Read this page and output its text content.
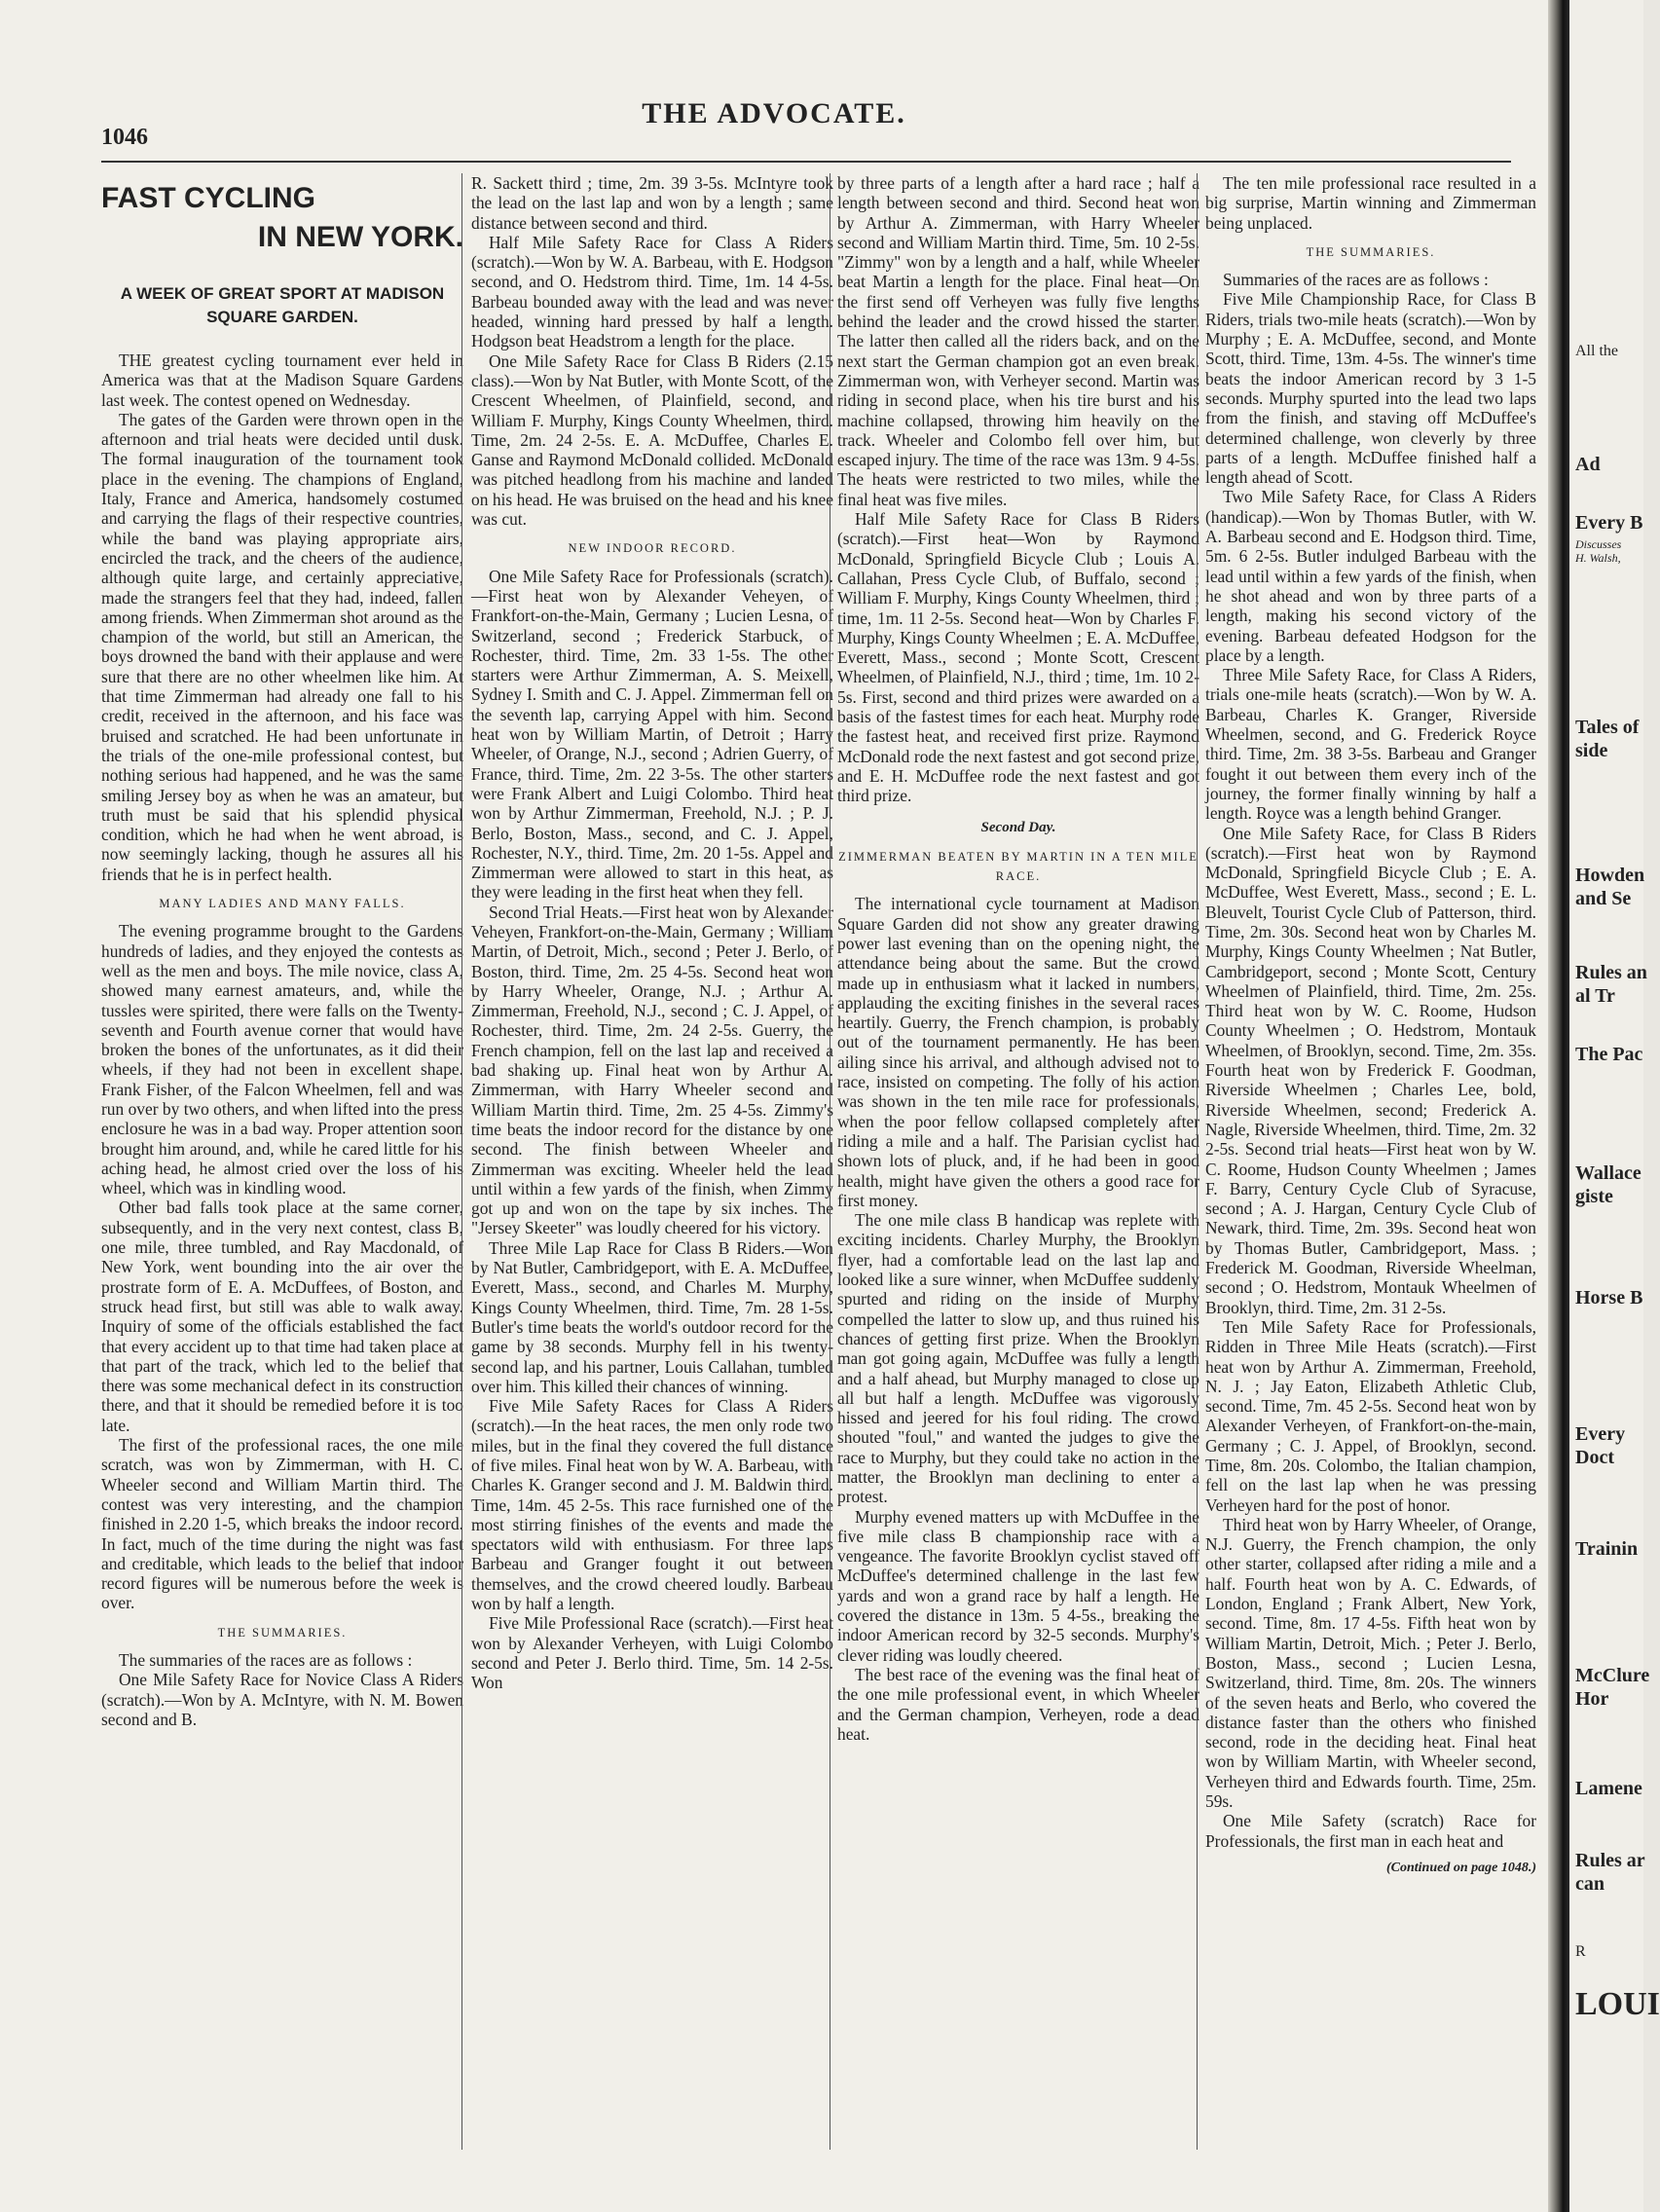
THE ADVOCATE.
1046
FAST CYCLING
IN NEW YORK.
A WEEK OF GREAT SPORT AT MADISON SQUARE GARDEN.

THE greatest cycling tournament ever held in America was that at the Madison Square Gardens last week. The contest opened on Wednesday.

The gates of the Garden were thrown open in the afternoon and trial heats were decided until dusk. The formal inauguration of the tournament took place in the evening. The champions of England, Italy, France and America, handsomely costumed and carrying the flags of their respective countries, while the band was playing appropriate airs, encircled the track, and the cheers of the audience, although quite large, and certainly appreciative, made the strangers feel that they had, indeed, fallen among friends. When Zimmerman shot around as the champion of the world, but still an American, the boys drowned the band with their applause and were sure that there are no other wheelmen like him. At that time Zimmerman had already one fall to his credit, received in the afternoon, and his face was bruised and scratched. He had been unfortunate in the trials of the one-mile professional contest, but nothing serious had happened, and he was the same smiling Jersey boy as when he was an amateur, but truth must be said that his splendid physical condition, which he had when he went abroad, is now seemingly lacking, though he assures all his friends that he is in perfect health.

MANY LADIES AND MANY FALLS.

The evening programme brought to the Gardens hundreds of ladies, and they enjoyed the contests as well as the men and boys. The mile novice, class A, showed many earnest amateurs, and, while the tussles were spirited, there were falls on the Twenty-seventh and Fourth avenue corner that would have broken the bones of the unfortunates, as it did their wheels, if they had not been in excellent shape. Frank Fisher, of the Falcon Wheelmen, fell and was run over by two others, and when lifted into the press enclosure he was in a bad way. Proper attention soon brought him around, and, while he cared little for his aching head, he almost cried over the loss of his wheel, which was in kindling wood.

Other bad falls took place at the same corner, subsequently, and in the very next contest, class B, one mile, three tumbled, and Ray Macdonald, of New York, went bounding into the air over the prostrate form of E. A. McDuffees, of Boston, and struck head first, but still was able to walk away. Inquiry of some of the officials established the fact that every accident up to that time had taken place at that part of the track, which led to the belief that there was some mechanical defect in its construction there, and that it should be remedied before it is too late.

The first of the professional races, the one mile scratch, was won by Zimmerman, with H. C. Wheeler second and William Martin third. The contest was very interesting, and the champion finished in 2.20 1-5, which breaks the indoor record. In fact, much of the time during the night was fast and creditable, which leads to the belief that indoor record figures will be numerous before the week is over.

THE SUMMARIES.

The summaries of the races are as follows :

One Mile Safety Race for Novice Class A Riders (scratch).—Won by A. McIntyre, with N. M. Bowen second and B.

R. Sackett third ; time, 2m. 39 3-5s. McIntyre took the lead on the last lap and won by a length ; same distance between second and third.

Half Mile Safety Race for Class A Riders (scratch).—Won by W. A. Barbeau, with E. Hodgson second, and O. Hedstrom third. Time, 1m. 14 4-5s. Barbeau bounded away with the lead and was never headed, winning hard pressed by half a length. Hodgson beat Headstrom a length for the place.

One Mile Safety Race for Class B Riders (2.15 class).—Won by Nat Butler, with Monte Scott, of the Crescent Wheelmen, of Plainfield, second, and William F. Murphy, Kings County Wheelmen, third. Time, 2m. 24 2-5s. E. A. McDuffee, Charles E. Ganse and Raymond McDonald collided. McDonald was pitched headlong from his machine and landed on his head. He was bruised on the head and his knee was cut.

NEW INDOOR RECORD.

One Mile Safety Race for Professionals (scratch).—First heat won by Alexander Veheyen, of Frankfort-on-the-Main, Germany ; Lucien Lesna, of Switzerland, second ; Frederick Starbuck, of Rochester, third. Time, 2m. 33 1-5s. The other starters were Arthur Zimmerman, A. S. Meixell, Sydney I. Smith and C. J. Appel. Zimmerman fell on the seventh lap, carrying Appel with him. Second heat won by William Martin, of Detroit ; Harry Wheeler, of Orange, N.J., second ; Adrien Guerry, of France, third. Time, 2m. 22 3-5s. The other starters were Frank Albert and Luigi Colombo. Third heat won by Arthur Zimmerman, Freehold, N.J. ; P. J. Berlo, Boston, Mass., second, and C. J. Appel, Rochester, N.Y., third. Time, 2m. 20 1-5s. Appel and Zimmerman were allowed to start in this heat, as they were leading in the first heat when they fell.

Second Trial Heats.—First heat won by Alexander Veheyen, Frankfort-on-the-Main, Germany ; William Martin, of Detroit, Mich., second ; Peter J. Berlo, of Boston, third. Time, 2m. 25 4-5s. Second heat won by Harry Wheeler, Orange, N.J. ; Arthur A. Zimmerman, Freehold, N.J., second ; C. J. Appel, of Rochester, third. Time, 2m. 24 2-5s. Guerry, the French champion, fell on the last lap and received a bad shaking up. Final heat won by Arthur A. Zimmerman, with Harry Wheeler second and William Martin third. Time, 2m. 25 4-5s. Zimmy's time beats the indoor record for the distance by one second. The finish between Wheeler and Zimmerman was exciting. Wheeler held the lead until within a few yards of the finish, when Zimmy got up and won on the tape by six inches. The "Jersey Skeeter" was loudly cheered for his victory.

Three Mile Lap Race for Class B Riders.—Won by Nat Butler, Cambridgeport, with E. A. McDuffee, Everett, Mass., second, and Charles M. Murphy, Kings County Wheelmen, third. Time, 7m. 28 1-5s. Butler's time beats the world's outdoor record for the game by 38 seconds. Murphy fell in his twenty-second lap, and his partner, Louis Callahan, tumbled over him. This killed their chances of winning.

Five Mile Safety Races for Class A Riders (scratch).—In the heat races, the men only rode two miles, but in the final they covered the full distance of five miles. Final heat won by W. A. Barbeau, with Charles K. Granger second and J. M. Baldwin third. Time, 14m. 45 2-5s. This race furnished one of the most stirring finishes of the events and made the spectators wild with enthusiasm. For three laps Barbeau and Granger fought it out between themselves, and the crowd cheered loudly. Barbeau won by half a length.

Five Mile Professional Race (scratch).—First heat won by Alexander Verheyen, with Luigi Colombo second and Peter J. Berlo third. Time, 5m. 14 2-5s. Won

by three parts of a length after a hard race ; half a length between second and third. Second heat won by Arthur A. Zimmerman, with Harry Wheeler second and William Martin third. Time, 5m. 10 2-5s. "Zimmy" won by a length and a half, while Wheeler beat Martin a length for the place. Final heat—On the first send off Verheyen was fully five lengths behind the leader and the crowd hissed the starter. The latter then called all the riders back, and on the next start the German champion got an even break. Zimmerman won, with Verheyer second. Martin was riding in second place, when his tire burst and his machine collapsed, throwing him heavily on the track. Wheeler and Colombo fell over him, but escaped injury. The time of the race was 13m. 9 4-5s. The heats were restricted to two miles, while the final heat was five miles.

Half Mile Safety Race for Class B Riders (scratch).—First heat—Won by Raymond McDonald, Springfield Bicycle Club ; Louis A. Callahan, Press Cycle Club, of Buffalo, second ; William F. Murphy, Kings County Wheelmen, third ; time, 1m. 11 2-5s. Second heat—Won by Charles F. Murphy, Kings County Wheelmen ; E. A. McDuffee, Everett, Mass., second ; Monte Scott, Crescent Wheelmen, of Plainfield, N.J., third ; time, 1m. 10 2-5s. First, second and third prizes were awarded on a basis of the fastest times for each heat. Murphy rode the fastest heat, and received first prize. Raymond McDonald rode the next fastest and got second prize, and E. H. McDuffee rode the next fastest and got third prize.

Second Day.
ZIMMERMAN BEATEN BY MARTIN IN A TEN MILE RACE.

The international cycle tournament at Madison Square Garden did not show any greater drawing power last evening than on the opening night, the attendance being about the same. But the crowd made up in enthusiasm what it lacked in numbers, applauding the exciting finishes in the several races heartily. Guerry, the French champion, is probably out of the tournament permanently. He has been ailing since his arrival, and although advised not to race, insisted on competing. The folly of his action was shown in the ten mile race for professionals, when the poor fellow collapsed completely after riding a mile and a half. The Parisian cyclist had shown lots of pluck, and, if he had been in good health, might have given the others a good race for first money.

The one mile class B handicap was replete with exciting incidents. Charley Murphy, the Brooklyn flyer, had a comfortable lead on the last lap and looked like a sure winner, when McDuffee suddenly spurted and riding on the inside of Murphy compelled the latter to slow up, and thus ruined his chances of getting first prize. When the Brooklyn man got going again, McDuffee was fully a length and a half ahead, but Murphy managed to close up all but half a length. McDuffee was vigorously hissed and jeered for his foul riding. The crowd shouted "foul," and wanted the judges to give the race to Murphy, but they could take no action in the matter, the Brooklyn man declining to enter a protest.

Murphy evened matters up with McDuffee in the five mile class B championship race with a vengeance. The favorite Brooklyn cyclist staved off McDuffee's determined challenge in the last few yards and won a grand race by half a length. He covered the distance in 13m. 5 4-5s., breaking the indoor American record by 32-5 seconds. Murphy's clever riding was loudly cheered.

The best race of the evening was the final heat of the one mile professional event, in which Wheeler and the German champion, Verheyen, rode a dead heat.

The ten mile professional race resulted in a big surprise, Martin winning and Zimmerman being unplaced.

THE SUMMARIES.

Summaries of the races are as follows :

Five Mile Championship Race, for Class B Riders, trials two-mile heats (scratch).—Won by Murphy ; E. A. McDuffee, second, and Monte Scott, third. Time, 13m. 4-5s. The winner's time beats the indoor American record by 3 1-5 seconds. Murphy spurted into the lead two laps from the finish, and staving off McDuffee's determined challenge, won cleverly by three parts of a length. McDuffee finished half a length ahead of Scott.

Two Mile Safety Race, for Class A Riders (handicap).—Won by Thomas Butler, with W. A. Barbeau second and E. Hodgson third. Time, 5m. 6 2-5s. Butler indulged Barbeau with the lead until within a few yards of the finish, when he shot ahead and won by three parts of a length, making his second victory of the evening. Barbeau defeated Hodgson for the place by a length.

Three Mile Safety Race, for Class A Riders, trials one-mile heats (scratch).—Won by W. A. Barbeau, Charles K. Granger, Riverside Wheelmen, second, and G. Frederick Royce third. Time, 2m. 38 3-5s. Barbeau and Granger fought it out between them every inch of the journey, the former finally winning by half a length. Royce was a length behind Granger.

One Mile Safety Race, for Class B Riders (scratch).—First heat won by Raymond McDonald, Springfield Bicycle Club ; E. A. McDuffee, West Everett, Mass., second ; E. L. Bleuvelt, Tourist Cycle Club of Patterson, third. Time, 2m. 30s. Second heat won by Charles M. Murphy, Kings County Wheelmen ; Nat Butler, Cambridgeport, second ; Monte Scott, Century Wheelmen of Plainfield, third. Time, 2m. 25s. Third heat won by W. C. Roome, Hudson County Wheelmen ; O. Hedstrom, Montauk Wheelmen, of Brooklyn, second. Time, 2m. 35s. Fourth heat won by Frederick F. Goodman, Riverside Wheelmen ; Charles Lee, bold, Riverside Wheelmen, second; Frederick A. Nagle, Riverside Wheelmen, third. Time, 2m. 32 2-5s. Second trial heats—First heat won by W. C. Roome, Hudson County Wheelmen ; James F. Barry, Century Cycle Club of Syracuse, second ; A. J. Hargan, Century Cycle Club of Newark, third. Time, 2m. 39s. Second heat won by Thomas Butler, Cambridgeport, Mass. ; Frederick M. Goodman, Riverside Wheelman, second ; O. Hedstrom, Montauk Wheelmen of Brooklyn, third. Time, 2m. 31 2-5s.

Ten Mile Safety Race for Professionals, Ridden in Three Mile Heats (scratch).—First heat won by Arthur A. Zimmerman, Freehold, N. J. ; Jay Eaton, Elizabeth Athletic Club, second. Time, 7m. 45 2-5s. Second heat won by Alexander Verheyen, of Frankfort-on-the-main, Germany ; C. J. Appel, of Brooklyn, second. Time, 8m. 20s. Colombo, the Italian champion, fell on the last lap when he was pressing Verheyen hard for the post of honor.

Third heat won by Harry Wheeler, of Orange, N.J. Guerry, the French champion, the only other starter, collapsed after riding a mile and a half. Fourth heat won by A. C. Edwards, of London, England ; Frank Albert, New York, second. Time, 8m. 17 4-5s. Fifth heat won by William Martin, Detroit, Mich. ; Peter J. Berlo, Boston, Mass., second ; Lucien Lesna, Switzerland, third. Time, 8m. 20s. The winners of the seven heats and Berlo, who covered the distance faster than the others who finished second, rode in the deciding heat. Final heat won by William Martin, with Wheeler second, Verheyen third and Edwards fourth. Time, 25m. 59s.

One Mile Safety (scratch) Race for Professionals, the first man in each heat and

(Continued on page 1048.)
All the
Ad
Every B
Discusses
H. Walsh,
Tales of
side
Howden
and Se
Rules an
al Tr
The Pac
Wallace
giste
Horse B
Every
Doct
Trainin
McClure
Hor
Lamene
Rules ar
can
R
LOUI
